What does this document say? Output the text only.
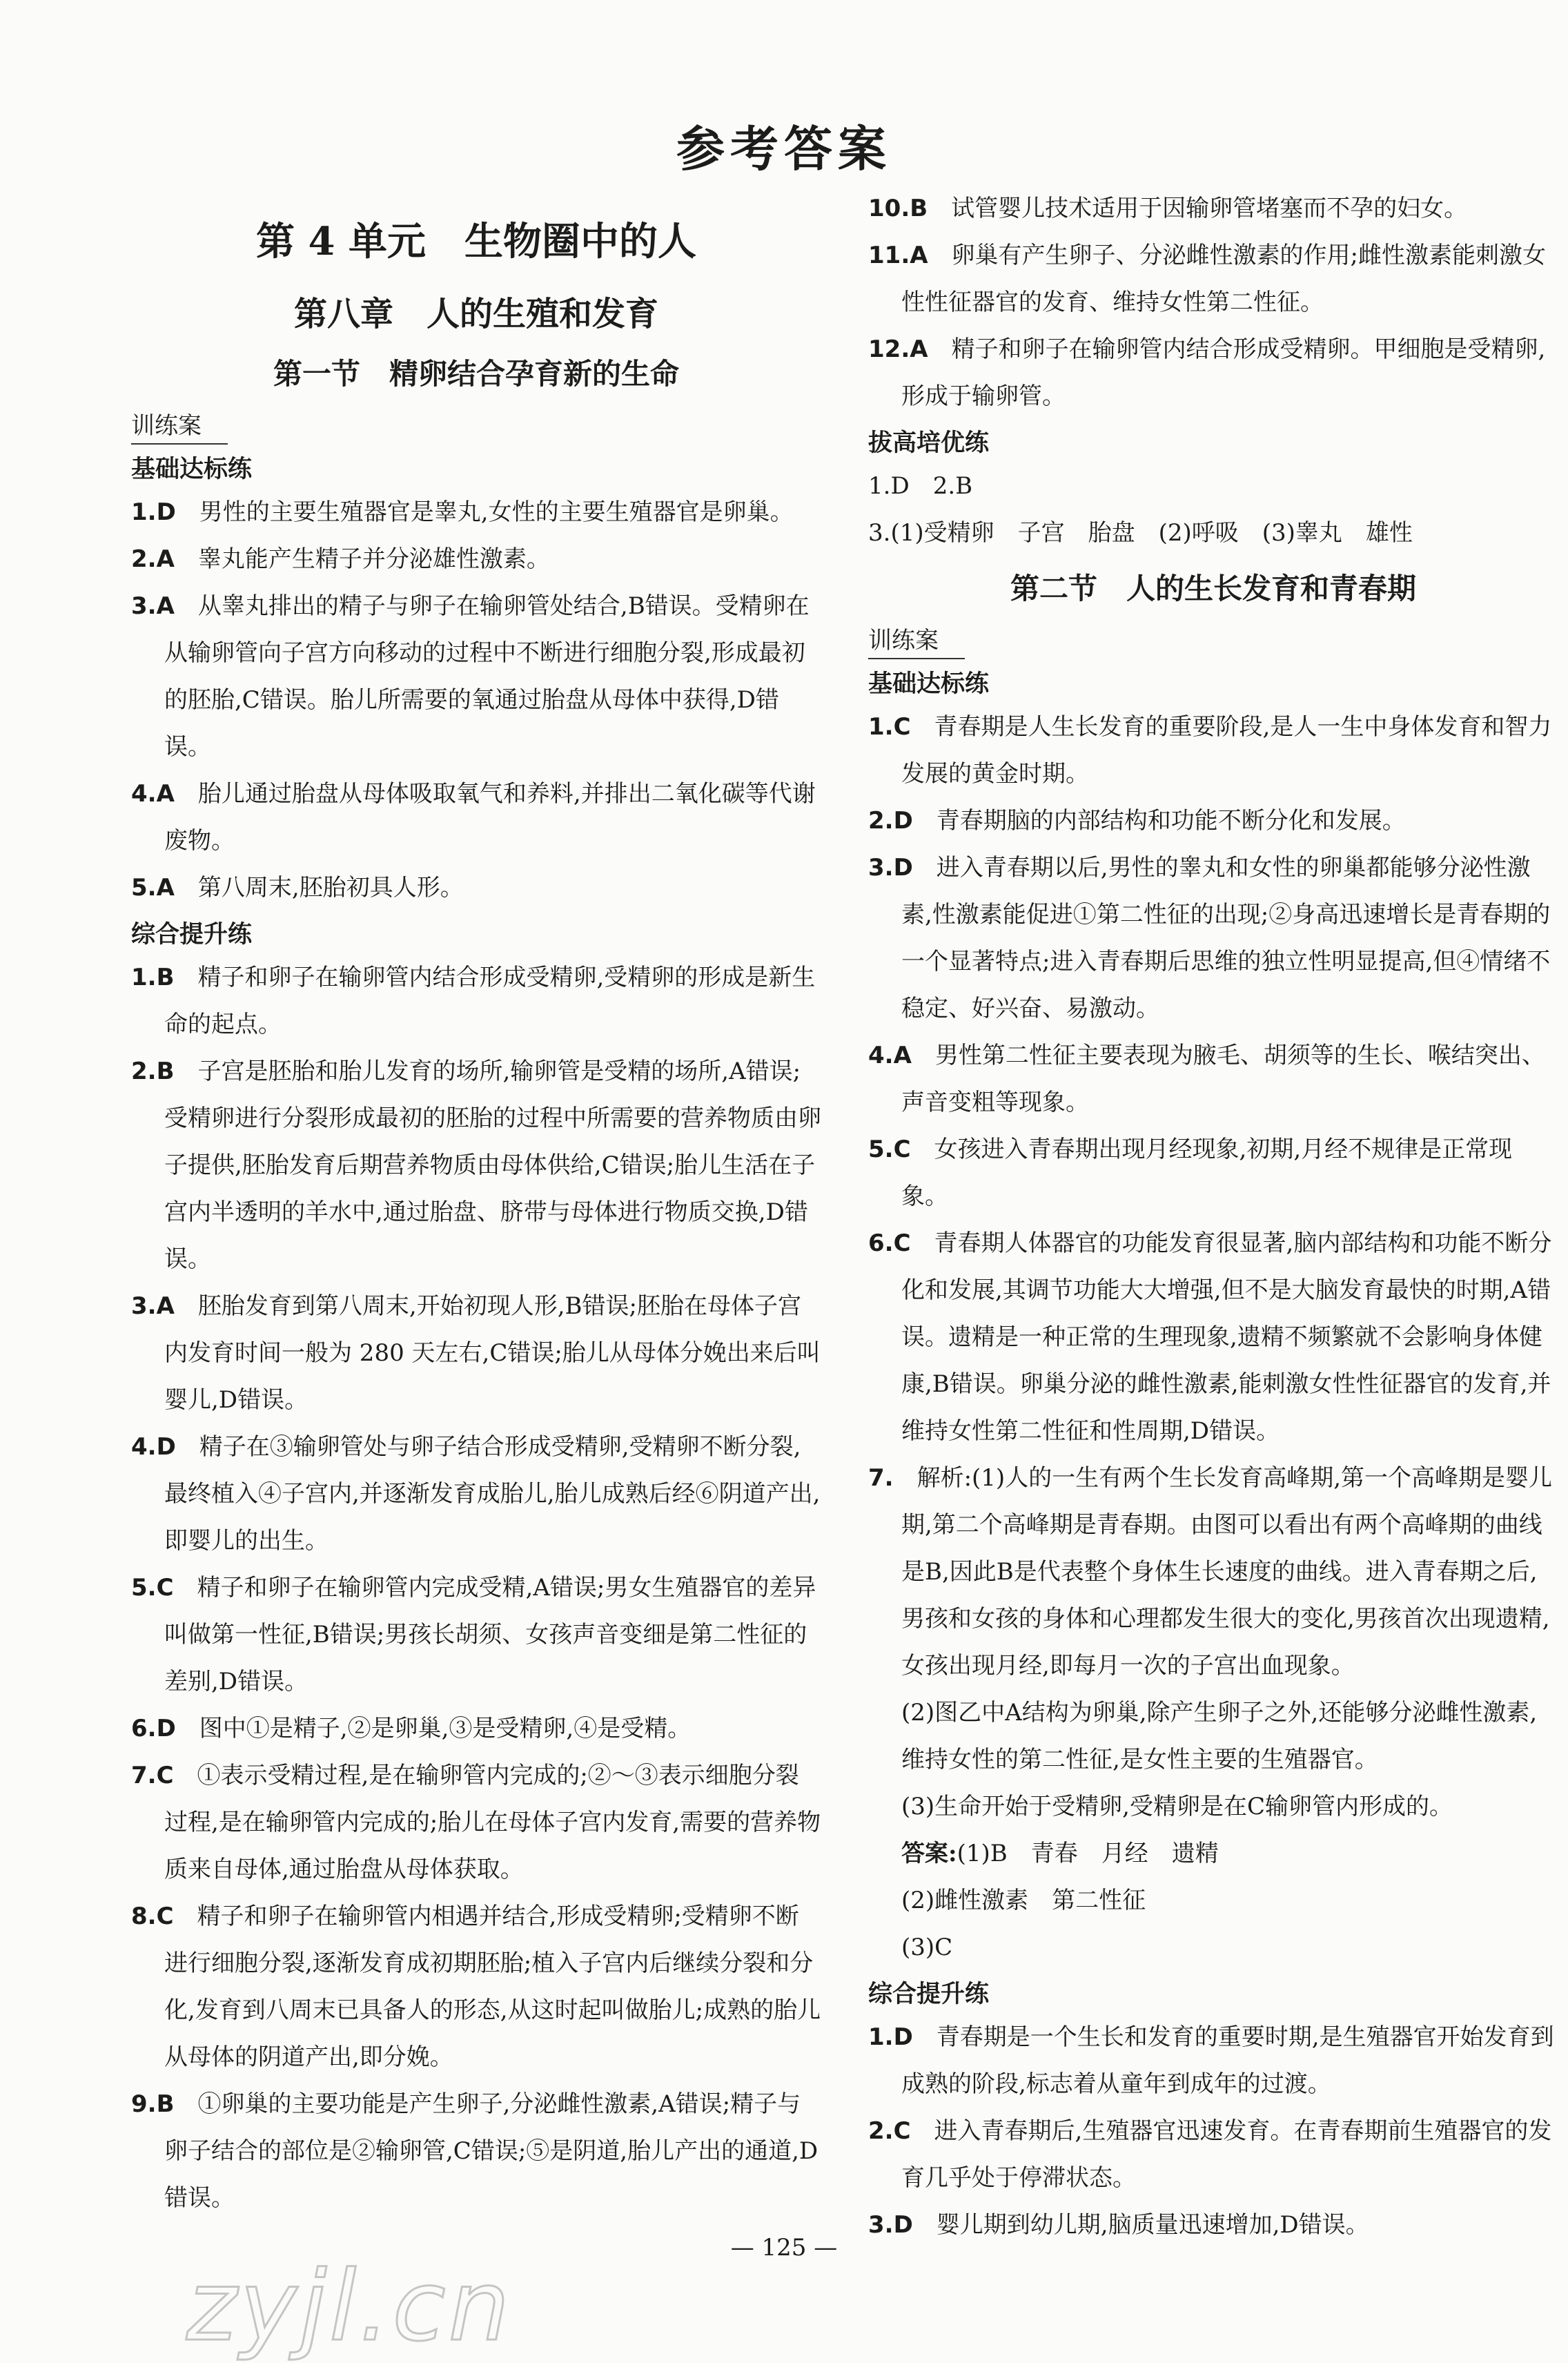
参考答案
第 4 单元　生物圈中的人
第八章　人的生殖和发育
第一节　精卵结合孕育新的生命
训练案
基础达标练
1.D　 男性的主要生殖器官是睾丸,女性的主要生殖器官是卵巢。
2.A　 睾丸能产生精子并分泌雄性激素。
3.A　 从睾丸排出的精子与卵子在输卵管处结合,B错误。受精卵在从输卵管向子宫方向移动的过程中不断进行细胞分裂,形成最初的胚胎,C错误。胎儿所需要的氧通过胎盘从母体中获得,D错误。
4.A　 胎儿通过胎盘从母体吸取氧气和养料,并排出二氧化碳等代谢废物。
5.A　 第八周末,胚胎初具人形。
综合提升练
1.B　 精子和卵子在输卵管内结合形成受精卵,受精卵的形成是新生命的起点。
2.B　 子宫是胚胎和胎儿发育的场所,输卵管是受精的场所,A错误;受精卵进行分裂形成最初的胚胎的过程中所需要的营养物质由卵子提供,胚胎发育后期营养物质由母体供给,C错误;胎儿生活在子宫内半透明的羊水中,通过胎盘、脐带与母体进行物质交换,D错误。
3.A　 胚胎发育到第八周末,开始初现人形,B错误;胚胎在母体子宫内发育时间一般为 280 天左右,C错误;胎儿从母体分娩出来后叫婴儿,D错误。
4.D　 精子在③输卵管处与卵子结合形成受精卵,受精卵不断分裂,最终植入④子宫内,并逐渐发育成胎儿,胎儿成熟后经⑥阴道产出,即婴儿的出生。
5.C　 精子和卵子在输卵管内完成受精,A错误;男女生殖器官的差异叫做第一性征,B错误;男孩长胡须、女孩声音变细是第二性征的差别,D错误。
6.D　 图中①是精子,②是卵巢,③是受精卵,④是受精。
7.C　 ①表示受精过程,是在输卵管内完成的;②～③表示细胞分裂过程,是在输卵管内完成的;胎儿在母体子宫内发育,需要的营养物质来自母体,通过胎盘从母体获取。
8.C　 精子和卵子在输卵管内相遇并结合,形成受精卵;受精卵不断进行细胞分裂,逐渐发育成初期胚胎;植入子宫内后继续分裂和分化,发育到八周末已具备人的形态,从这时起叫做胎儿;成熟的胎儿从母体的阴道产出,即分娩。
9.B　 ①卵巢的主要功能是产生卵子,分泌雌性激素,A错误;精子与卵子结合的部位是②输卵管,C错误;⑤是阴道,胎儿产出的通道,D错误。
10.B　 试管婴儿技术适用于因输卵管堵塞而不孕的妇女。
11.A　 卵巢有产生卵子、分泌雌性激素的作用;雌性激素能刺激女性性征器官的发育、维持女性第二性征。
12.A　 精子和卵子在输卵管内结合形成受精卵。甲细胞是受精卵,形成于输卵管。
拔高培优练
1.D　2.B
3.(1)受精卵　子宫　胎盘　(2)呼吸　(3)睾丸　雄性
第二节　人的生长发育和青春期
训练案
基础达标练
1.C　 青春期是人生长发育的重要阶段,是人一生中身体发育和智力发展的黄金时期。
2.D　 青春期脑的内部结构和功能不断分化和发展。
3.D　 进入青春期以后,男性的睾丸和女性的卵巢都能够分泌性激素,性激素能促进①第二性征的出现;②身高迅速增长是青春期的一个显著特点;进入青春期后思维的独立性明显提高,但④情绪不稳定、好兴奋、易激动。
4.A　 男性第二性征主要表现为腋毛、胡须等的生长、喉结突出、声音变粗等现象。
5.C　 女孩进入青春期出现月经现象,初期,月经不规律是正常现象。
6.C　 青春期人体器官的功能发育很显著,脑内部结构和功能不断分化和发展,其调节功能大大增强,但不是大脑发育最快的时期,A错误。遗精是一种正常的生理现象,遗精不频繁就不会影响身体健康,B错误。卵巢分泌的雌性激素,能刺激女性性征器官的发育,并维持女性第二性征和性周期,D错误。
7.　 解析:(1)人的一生有两个生长发育高峰期,第一个高峰期是婴儿期,第二个高峰期是青春期。由图可以看出有两个高峰期的曲线是B,因此B是代表整个身体生长速度的曲线。进入青春期之后,男孩和女孩的身体和心理都发生很大的变化,男孩首次出现遗精,女孩出现月经,即每月一次的子宫出血现象。
(2)图乙中A结构为卵巢,除产生卵子之外,还能够分泌雌性激素,维持女性的第二性征,是女性主要的生殖器官。
(3)生命开始于受精卵,受精卵是在C输卵管内形成的。
答案:(1)B　青春　月经　遗精
(2)雌性激素　第二性征
(3)C
综合提升练
1.D　 青春期是一个生长和发育的重要时期,是生殖器官开始发育到成熟的阶段,标志着从童年到成年的过渡。
2.C　 进入青春期后,生殖器官迅速发育。在青春期前生殖器官的发育几乎处于停滞状态。
3.D　 婴儿期到幼儿期,脑质量迅速增加,D错误。
— 125 —
zyjl.cn
